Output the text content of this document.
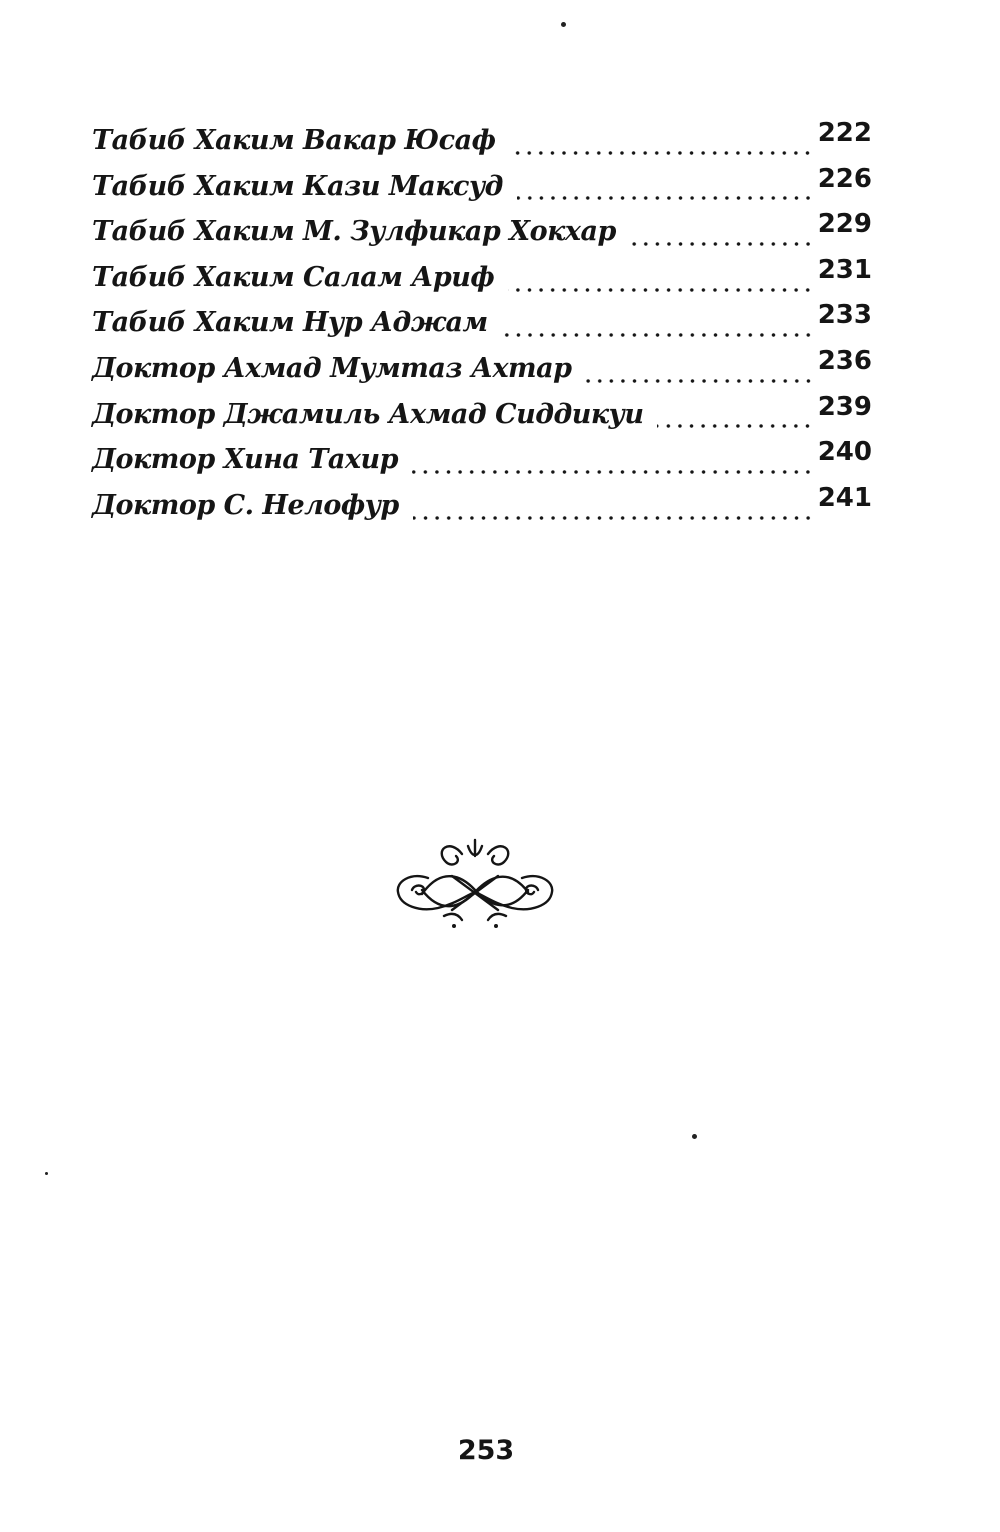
Табиб Хаким Вакар Юсаф	222
Табиб Хаким Кази Максуд	226
Табиб Хаким М. Зулфикар Хокхар	229
Табиб Хаким Салам Ариф	231
Табиб Хаким Нур Аджам	233
Доктор Ахмад Мумтаз Ахтар	236
Доктор Джамиль Ахмад Сиддикуи	239
Доктор Хина Тахир	240
Доктор С. Нелофур	241
253
